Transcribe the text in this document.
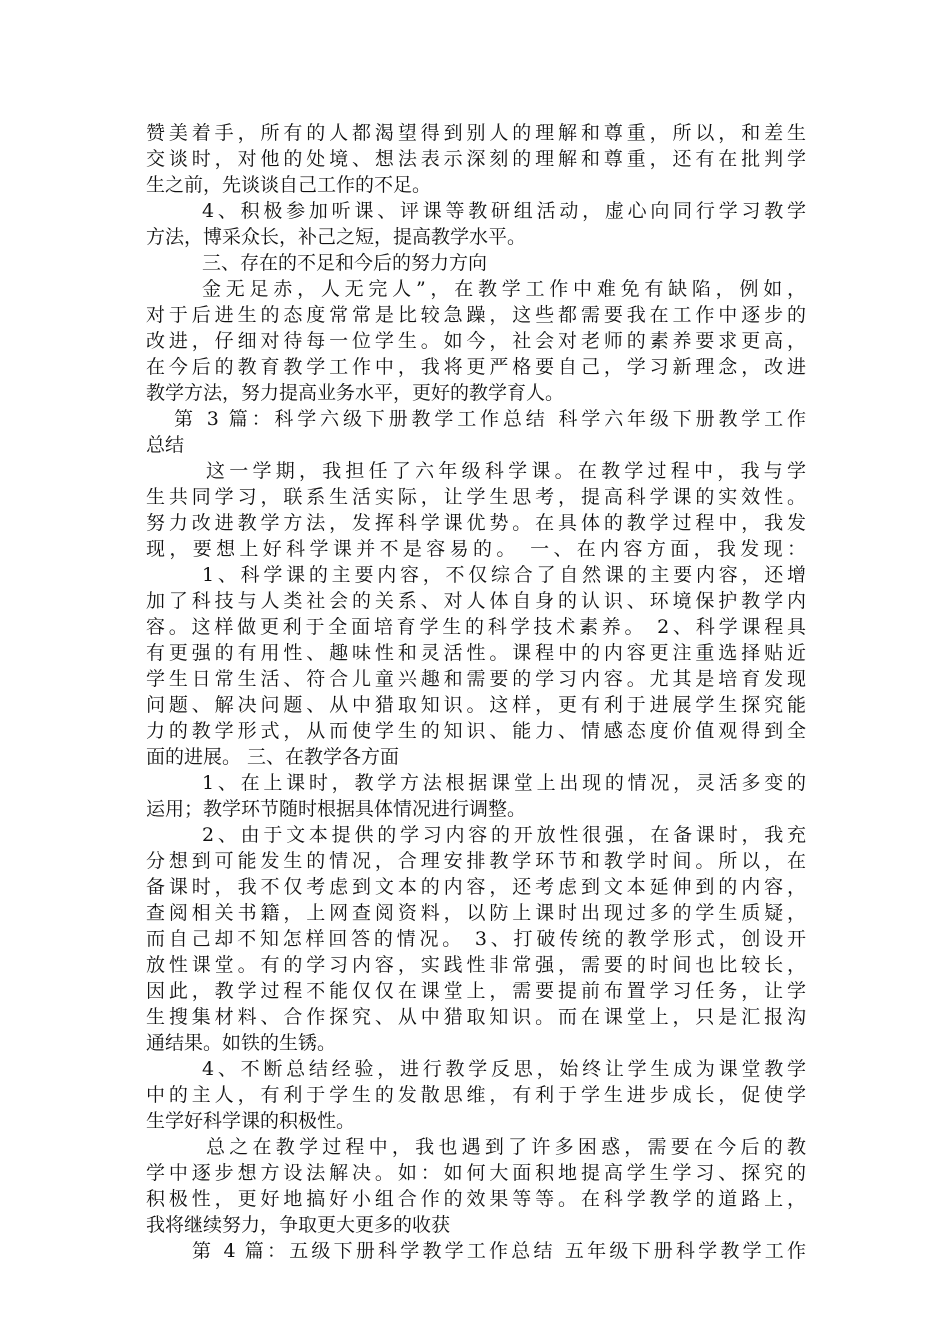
赞美着手，所有的人都渴望得到别人的理解和尊重，所以，和差生
交谈时，对他的处境、想法表示深刻的理解和尊重，还有在批判学
生之前，先谈谈自己工作的不足。
4、积极参加听课、评课等教研组活动，虚心向同行学习教学
方法，博采众长，补己之短，提高教学水平。
三、存在的不足和今后的努力方向
金无足赤，人无完人”，在教学工作中难免有缺陷，例如，
对于后进生的态度常常是比较急躁，这些都需要我在工作中逐步的
改进，仔细对待每一位学生。如今，社会对老师的素养要求更高，
在今后的教育教学工作中，我将更严格要自己，学习新理念，改进
教学方法，努力提高业务水平，更好的教学育人。
第 3 篇：科学六级下册教学工作总结 科学六年级下册教学工作
总结
这一学期，我担任了六年级科学课。在教学过程中，我与学
生共同学习，联系生活实际，让学生思考，提高科学课的实效性。
努力改进教学方法，发挥科学课优势。在具体的教学过程中，我发
现，要想上好科学课并不是容易的。 一、在内容方面，我发现：
1、科学课的主要内容，不仅综合了自然课的主要内容，还增
加了科技与人类社会的关系、对人体自身的认识、环境保护教学内
容。这样做更利于全面培育学生的科学技术素养。 2、科学课程具
有更强的有用性、趣味性和灵活性。课程中的内容更注重选择贴近
学生日常生活、符合儿童兴趣和需要的学习内容。尤其是培育发现
问题、解决问题、从中猎取知识。这样，更有利于进展学生探究能
力的教学形式，从而使学生的知识、能力、情感态度价值观得到全
面的进展。 三、在教学各方面
1、在上课时，教学方法根据课堂上出现的情况，灵活多变的
运用；教学环节随时根据具体情况进行调整。
2、由于文本提供的学习内容的开放性很强，在备课时，我充
分想到可能发生的情况，合理安排教学环节和教学时间。所以，在
备课时，我不仅考虑到文本的内容，还考虑到文本延伸到的内容，
查阅相关书籍，上网查阅资料，以防上课时出现过多的学生质疑，
而自己却不知怎样回答的情况。 3、打破传统的教学形式，创设开
放性课堂。有的学习内容，实践性非常强，需要的时间也比较长，
因此，教学过程不能仅仅在课堂上，需要提前布置学习任务，让学
生搜集材料、合作探究、从中猎取知识。而在课堂上，只是汇报沟
通结果。如铁的生锈。
4、不断总结经验，进行教学反思，始终让学生成为课堂教学
中的主人，有利于学生的发散思维，有利于学生进步成长，促使学
生学好科学课的积极性。
总之在教学过程中，我也遇到了许多困惑，需要在今后的教
学中逐步想方设法解决。如：如何大面积地提高学生学习、探究的
积极性，更好地搞好小组合作的效果等等。在科学教学的道路上，
我将继续努力，争取更大更多的收获
第 4 篇：五级下册科学教学工作总结 五年级下册科学教学工作
